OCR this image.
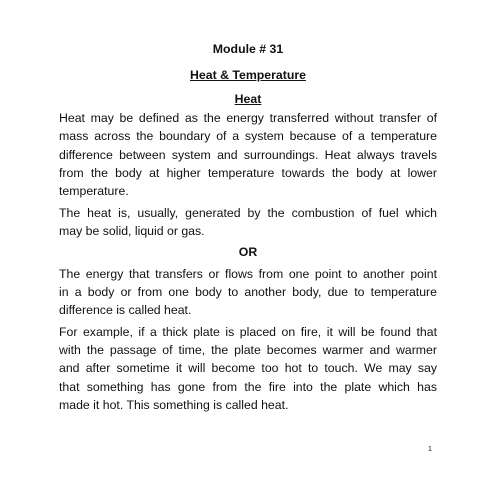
Module # 31
Heat & Temperature
Heat
Heat may be defined as the energy transferred without transfer of
mass across the boundary of a system because of a temperature
difference between system and surroundings. Heat always travels
from the body at higher temperature towards the body at lower
temperature.
The heat is, usually, generated by the combustion of fuel which
may be solid, liquid or gas.
OR
The energy that transfers or flows from one point to another point
in a body or from one body to another body, due to temperature
difference is called heat.
For example, if a thick plate is placed on fire, it will be found that
with the passage of time, the plate becomes warmer and warmer
and after sometime it will become too hot to touch. We may say
that something has gone from the fire into the plate which has
made it hot. This something is called heat.
1
